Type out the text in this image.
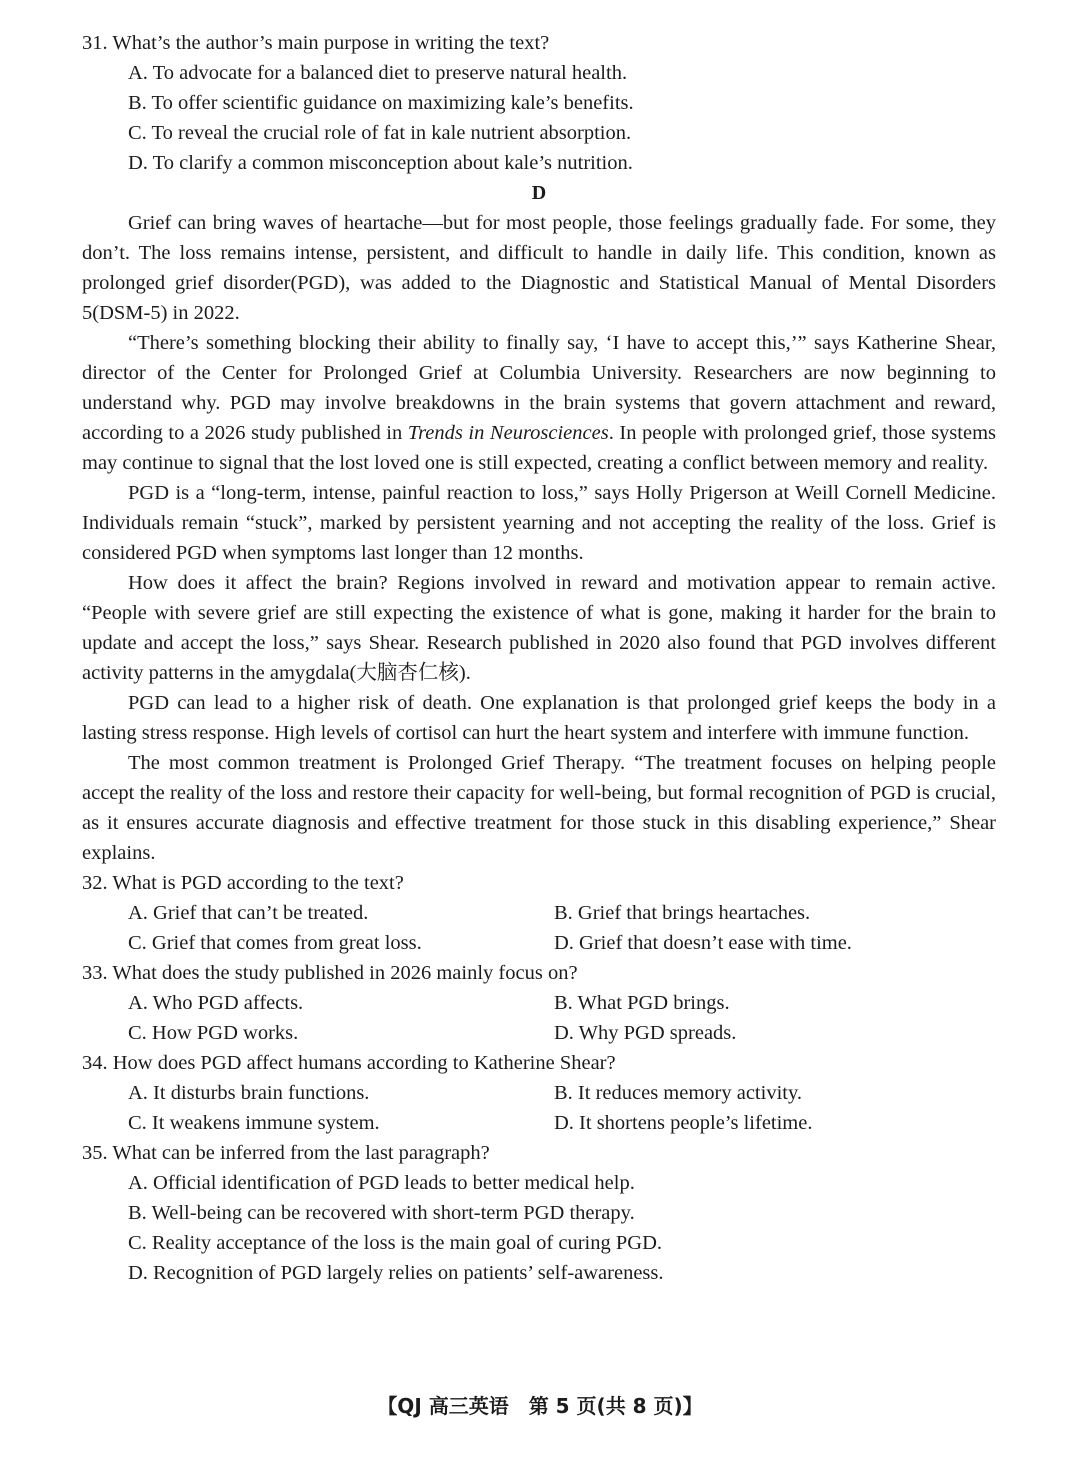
31. What’s the author’s main purpose in writing the text?
A. To advocate for a balanced diet to preserve natural health.
B. To offer scientific guidance on maximizing kale’s benefits.
C. To reveal the crucial role of fat in kale nutrient absorption.
D. To clarify a common misconception about kale’s nutrition.
D
Grief can bring waves of heartache—but for most people, those feelings gradually fade. For some, they don’t. The loss remains intense, persistent, and difficult to handle in daily life. This condition, known as prolonged grief disorder(PGD), was added to the Diagnostic and Statistical Manual of Mental Disorders 5(DSM-5) in 2022.
“There’s something blocking their ability to finally say, ‘I have to accept this,’” says Katherine Shear, director of the Center for Prolonged Grief at Columbia University. Researchers are now beginning to understand why. PGD may involve breakdowns in the brain systems that govern attachment and reward, according to a 2026 study published in Trends in Neurosciences. In people with prolonged grief, those systems may continue to signal that the lost loved one is still expected, creating a conflict between memory and reality.
PGD is a “long-term, intense, painful reaction to loss,” says Holly Prigerson at Weill Cornell Medicine. Individuals remain “stuck”, marked by persistent yearning and not accepting the reality of the loss. Grief is considered PGD when symptoms last longer than 12 months.
How does it affect the brain? Regions involved in reward and motivation appear to remain active. “People with severe grief are still expecting the existence of what is gone, making it harder for the brain to update and accept the loss,” says Shear. Research published in 2020 also found that PGD involves different activity patterns in the amygdala(大脑杏仁核).
PGD can lead to a higher risk of death. One explanation is that prolonged grief keeps the body in a lasting stress response. High levels of cortisol can hurt the heart system and interfere with immune function.
The most common treatment is Prolonged Grief Therapy. “The treatment focuses on helping people accept the reality of the loss and restore their capacity for well-being, but formal recognition of PGD is crucial, as it ensures accurate diagnosis and effective treatment for those stuck in this disabling experience,” Shear explains.
32. What is PGD according to the text?
A. Grief that can’t be treated.	B. Grief that brings heartaches.
C. Grief that comes from great loss.	D. Grief that doesn’t ease with time.
33. What does the study published in 2026 mainly focus on?
A. Who PGD affects.	B. What PGD brings.
C. How PGD works.	D. Why PGD spreads.
34. How does PGD affect humans according to Katherine Shear?
A. It disturbs brain functions.	B. It reduces memory activity.
C. It weakens immune system.	D. It shortens people’s lifetime.
35. What can be inferred from the last paragraph?
A. Official identification of PGD leads to better medical help.
B. Well-being can be recovered with short-term PGD therapy.
C. Reality acceptance of the loss is the main goal of curing PGD.
D. Recognition of PGD largely relies on patients’ self-awareness.
【QJ 高三英语　第 5 页(共 8 页)】
